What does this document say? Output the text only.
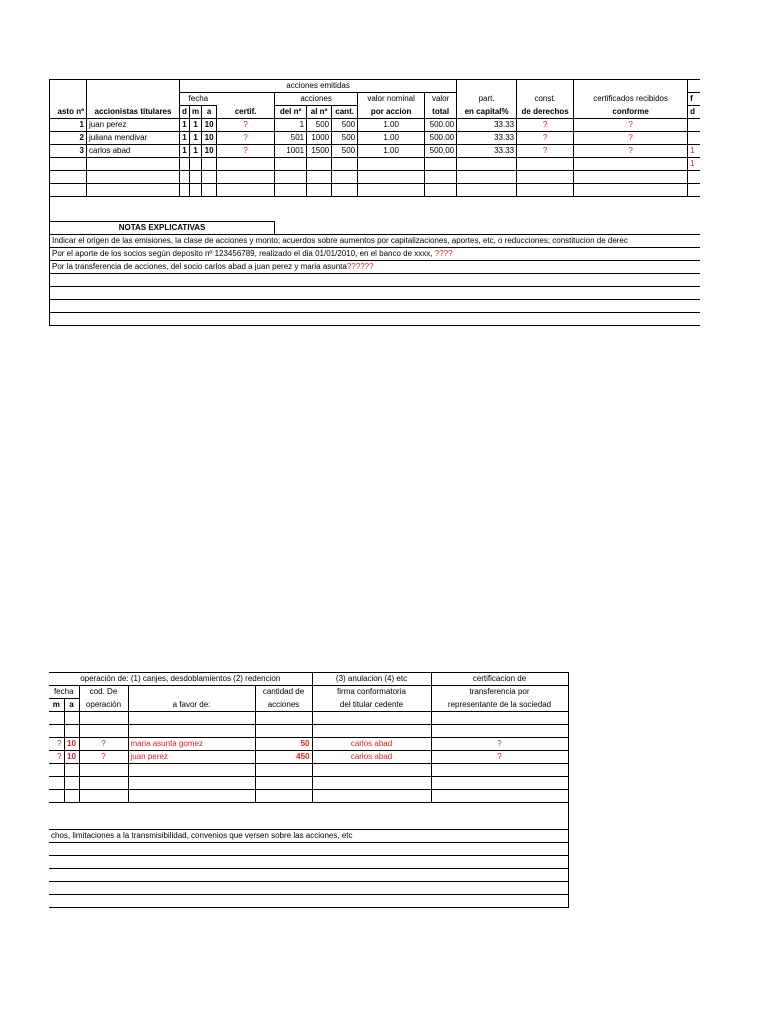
		acciones emitidas												
		fecha				acciones			valor nominal	valor	part.	const.	certificados recibidos	f
asto nº	accionistas titulares	d	m	a	certif.	del nº	al nº	cant.	por accion	total	en capital%	de derechos	conforme	d
1	juan perez	1	1	10	?	1	500	500	1.00	500.00	33.33	?	?	
2	juliana mendivar	1	1	10	?	501	1000	500	1.00	500.00	33.33	?	?	
3	carlos abad	1	1	10	?	1001	1500	500	1.00	500.00	33.33	?	?	1
														1

NOTAS EXPLICATIVAS														
Indicar el origen de las emisiones, la clase de acciones y monto; acuerdos sobre aumentos por capitalizaciones, aportes, etc, o reducciones; constitucion de derec														
Por el aporte de los socios según deposito nº 123456789, realizado el dia 01/01/2010, en el banco de xxxx, ????														
Por la transferencia de acciones, del socio carlos abad a juan perez y maria asunta??????														

operación de: (1) canjes, desdoblamientos (2) redencion					(3) anulacion (4) etc	certificacion de
fecha		cod. De		cantidad de	firma conformatoria	transferencia por
m	a	operación	a favor de:	acciones	del titular cedente	representante de la sociedad

?	10	?	maria asunta gomez	50	carlos abad	?
?	10	?	juan perez	450	carlos abad	?

chos, limitaciones a la transmisibilidad, convenios que versen sobre las acciones, etc						
